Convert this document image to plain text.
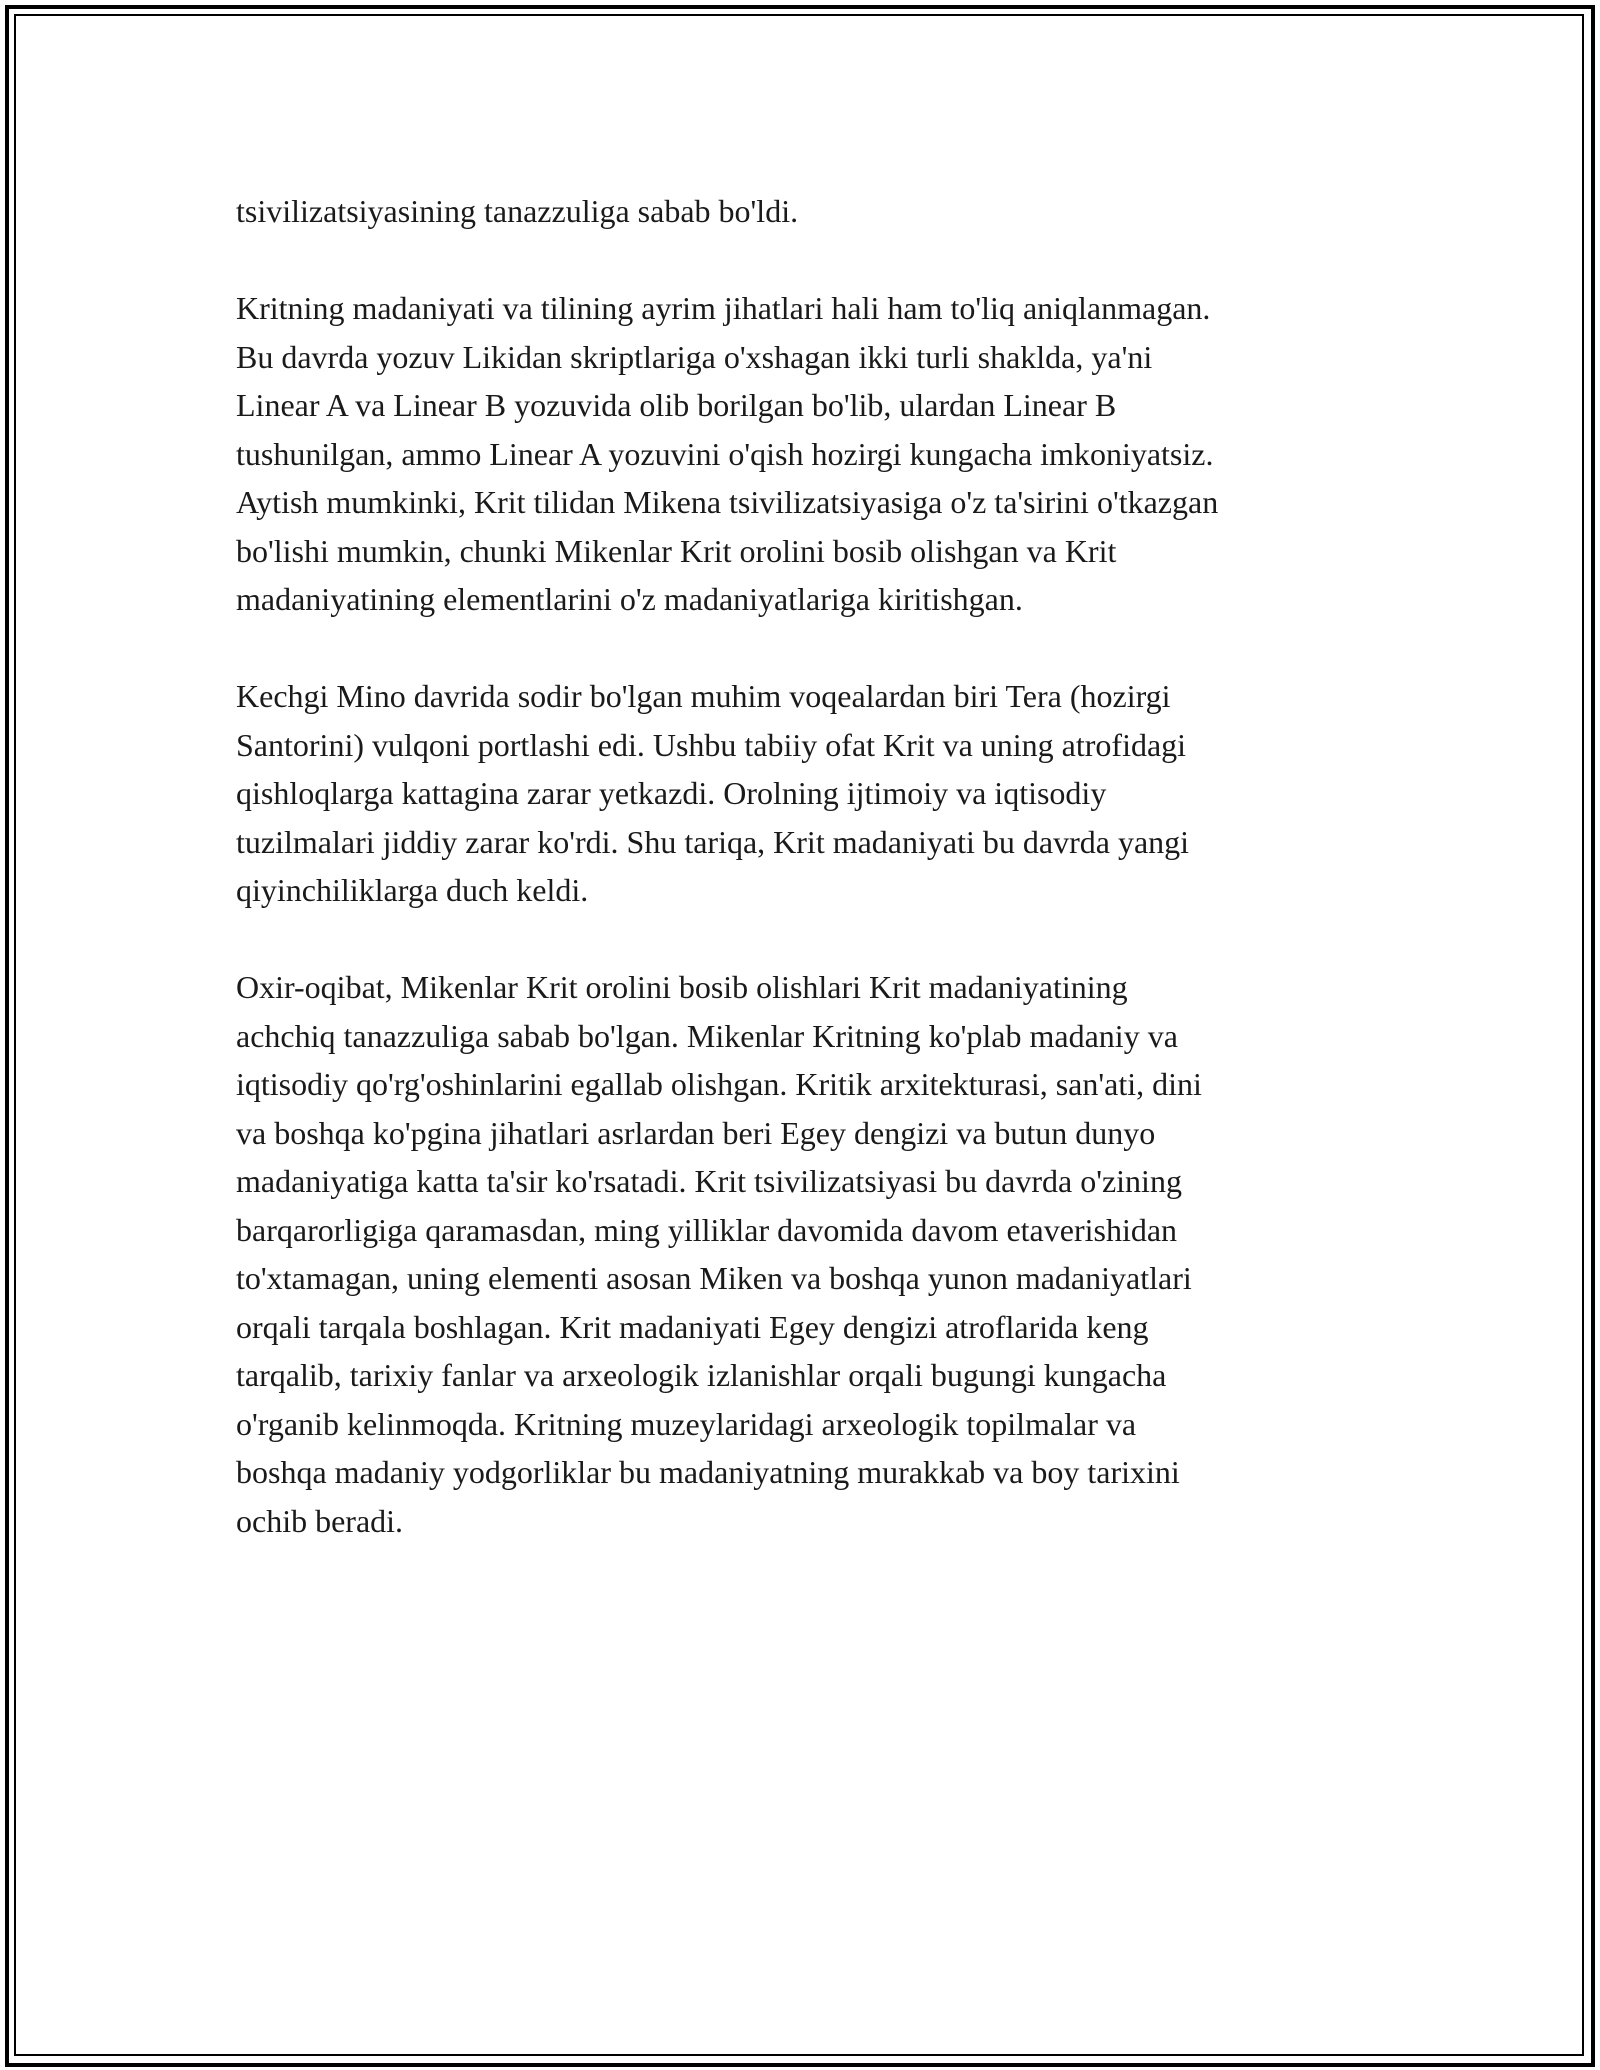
tsivilizatsiyasining tanazzuliga sabab bo'ldi.

Kritning madaniyati va tilining ayrim jihatlari hali ham to'liq aniqlanmagan.
Bu davrda yozuv Likidan skriptlariga o'xshagan ikki turli shaklda, ya'ni
Linear A va Linear B yozuvida olib borilgan bo'lib, ulardan Linear B
tushunilgan, ammo Linear A yozuvini o'qish hozirgi kungacha imkoniyatsiz.
Aytish mumkinki, Krit tilidan Mikena tsivilizatsiyasiga o'z ta'sirini o'tkazgan
bo'lishi mumkin, chunki Mikenlar Krit orolini bosib olishgan va Krit
madaniyatining elementlarini o'z madaniyatlariga kiritishgan.

Kechgi Mino davrida sodir bo'lgan muhim voqealardan biri Tera (hozirgi
Santorini) vulqoni portlashi edi. Ushbu tabiiy ofat Krit va uning atrofidagi
qishloqlarga kattagina zarar yetkazdi. Orolning ijtimoiy va iqtisodiy
tuzilmalari jiddiy zarar ko'rdi. Shu tariqa, Krit madaniyati bu davrda yangi
qiyinchiliklarga duch keldi.

Oxir-oqibat, Mikenlar Krit orolini bosib olishlari Krit madaniyatining
achchiq tanazzuliga sabab bo'lgan. Mikenlar Kritning ko'plab madaniy va
iqtisodiy qo'rg'oshinlarini egallab olishgan. Kritik arxitekturasi, san'ati, dini
va boshqa ko'pgina jihatlari asrlardan beri Egey dengizi va butun dunyo
madaniyatiga katta ta'sir ko'rsatadi. Krit tsivilizatsiyasi bu davrda o'zining
barqarorligiga qaramasdan, ming yilliklar davomida davom etaverishidan
to'xtamagan, uning elementi asosan Miken va boshqa yunon madaniyatlari
orqali tarqala boshlagan. Krit madaniyati Egey dengizi atroflarida keng
tarqalib, tarixiy fanlar va arxeologik izlanishlar orqali bugungi kungacha
o'rganib kelinmoqda. Kritning muzeylaridagi arxeologik topilmalar va
boshqa madaniy yodgorliklar bu madaniyatning murakkab va boy tarixini
ochib beradi.
